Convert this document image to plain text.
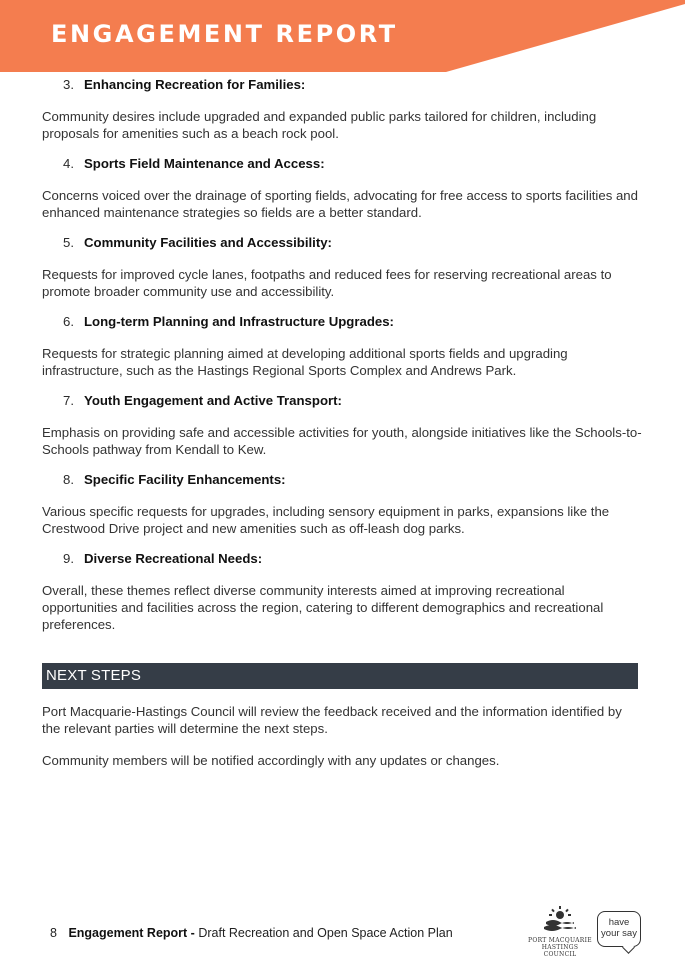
ENGAGEMENT REPORT
3. Enhancing Recreation for Families:

Community desires include upgraded and expanded public parks tailored for children, including proposals for amenities such as a beach rock pool.

4. Sports Field Maintenance and Access:

Concerns voiced over the drainage of sporting fields, advocating for free access to sports facilities and enhanced maintenance strategies so fields are a better standard.

5. Community Facilities and Accessibility:

Requests for improved cycle lanes, footpaths and reduced fees for reserving recreational areas to promote broader community use and accessibility.

6. Long-term Planning and Infrastructure Upgrades:

Requests for strategic planning aimed at developing additional sports fields and upgrading infrastructure, such as the Hastings Regional Sports Complex and Andrews Park.

7. Youth Engagement and Active Transport:

Emphasis on providing safe and accessible activities for youth, alongside initiatives like the Schools-to-Schools pathway from Kendall to Kew.

8. Specific Facility Enhancements:

Various specific requests for upgrades, including sensory equipment in parks, expansions like the Crestwood Drive project and new amenities such as off-leash dog parks.

9. Diverse Recreational Needs:

Overall, these themes reflect diverse community interests aimed at improving recreational opportunities and facilities across the region, catering to different demographics and recreational preferences.

NEXT STEPS

Port Macquarie-Hastings Council will review the feedback received and the information identified by the relevant parties will determine the next steps.

Community members will be notified accordingly with any updates or changes.

8 Engagement Report - Draft Recreation and Open Space Action Plan
PORT MACQUARIE
HASTINGS COUNCIL
have
your say
